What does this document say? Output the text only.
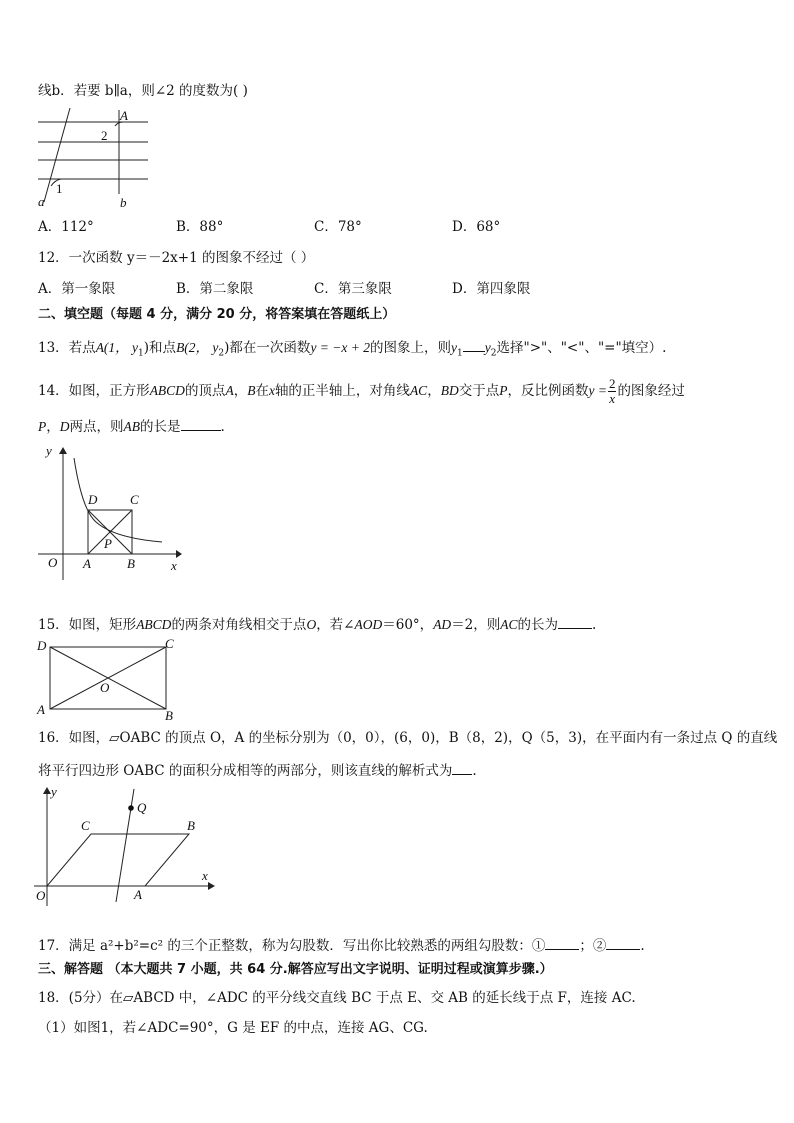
线b．若要 b∥a，则∠2 的度数为( )
A
2
1
a	b
A．112°	B．88°	C．78°	D．68°
12．一次函数 y＝－2x+1 的图象不经过（ ）
A．第一象限	B．第二象限	C．第三象限	D．第四象限
二、填空题（每题 4 分，满分 20 分，将答案填在答题纸上）
13．若点A(1， $y_1$)和点B(2， $y_2$)都在一次函数y = −x + 2的图象上，则$y_1$ $y_2$选择">"、"<"、"="填空）.
14．如图，正方形ABCD的顶点A，B在x轴的正半轴上，对角线AC，BD交于点P，反比例函数$y = \frac{2}{x}$ 的图象经过
P，D两点，则AB的长是	.
y
x
O A	B
C
D
P
15．如图，矩形ABCD的两条对角线相交于点O，若∠AOD＝60°，AD＝2，则AC的长为	.
D	C
O
A	B
16．如图，▱OABC 的顶点 O，A 的坐标分别为（0，0），(6，0)，B（8，2)，Q（5，3)，在平面内有一条过点 Q 的直线
将平行四边形 OABC 的面积分成相等的两部分，则该直线的解析式为 .
y
x
O	A
B
C
Q
17．满足 a²+b²=c² 的三个正整数，称为勾股数．写出你比较熟悉的两组勾股数：①	；②	.
三、解答题 （本大题共 7 小题，共 64 分.解答应写出文字说明、证明过程或演算步骤.）
18．(5分）在▱ABCD 中，∠ADC 的平分线交直线 BC 于点 E、交 AB 的延长线于点 F，连接 AC.
（1）如图1，若∠ADC=90°，G 是 EF 的中点，连接 AG、CG.
